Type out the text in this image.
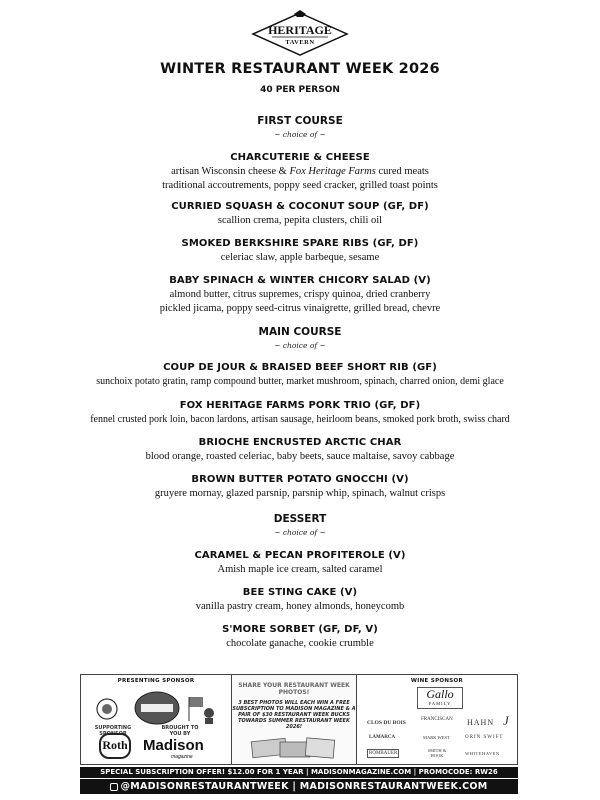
HERITAGE
TAVERN
WINTER RESTAURANT WEEK 2026
40 PER PERSON
FIRST COURSE
~ choice of ~
CHARCUTERIE & CHEESE
artisan Wisconsin cheese & Fox Heritage Farms cured meats
traditional accoutrements, poppy seed cracker, grilled toast points
CURRIED SQUASH & COCONUT SOUP (GF, DF)
scallion crema, pepita clusters, chili oil
SMOKED BERKSHIRE SPARE RIBS (GF, DF)
celeriac slaw, apple barbeque, sesame
BABY SPINACH & WINTER CHICORY SALAD (V)
almond butter, citrus supremes, crispy quinoa, dried cranberry
pickled jicama, poppy seed-citrus vinaigrette, grilled bread, chevre
MAIN COURSE
~ choice of ~
COUP DE JOUR & BRAISED BEEF SHORT RIB (GF)
sunchoix potato gratin, ramp compound butter, market mushroom, spinach, charred onion, demi glace
FOX HERITAGE FARMS PORK TRIO (GF, DF)
fennel crusted pork loin, bacon lardons, artisan sausage, heirloom beans, smoked pork broth, swiss chard
BRIOCHE ENCRUSTED ARCTIC CHAR
blood orange, roasted celeriac, baby beets, sauce maltaise, savoy cabbage
BROWN BUTTER POTATO GNOCCHI (V)
gruyere mornay, glazed parsnip, parsnip whip, spinach, walnut crisps
DESSERT
~ choice of ~
CARAMEL & PECAN PROFITEROLE (V)
Amish maple ice cream, salted caramel
BEE STING CAKE (V)
vanilla pastry cream, honey almonds, honeycomb
S'MORE SORBET (GF, DF, V)
chocolate ganache, cookie crumble
PRESENTING SPONSOR
SUPPORTING SPONSOR
BROUGHT TO YOU BY
Roth Madison
magazine
SHARE YOUR RESTAURANT WEEK PHOTOS!
3 BEST PHOTOS WILL EACH WIN A FREE SUBSCRIPTION TO MADISON MAGAZINE & A PAIR OF $30 RESTAURANT WEEK BUCKS TOWARDS SUMMER RESTAURANT WEEK 2026!
WINE SPONSOR
Gallo
FAMILY
CLOS DU BOIS
FRANCISCAN HAHN J
LAMARCA	MARK WEST	ORIN SWIFT
ROMBAUER
SMITH & HOOK	WHITEHAVEN
SPECIAL SUBSCRIPTION OFFER! $12.00 FOR 1 YEAR | MADISONMAGAZINE.COM | PROMOCODE: RW26
@MADISONRESTAURANTWEEK | MADISONRESTAURANTWEEK.COM
